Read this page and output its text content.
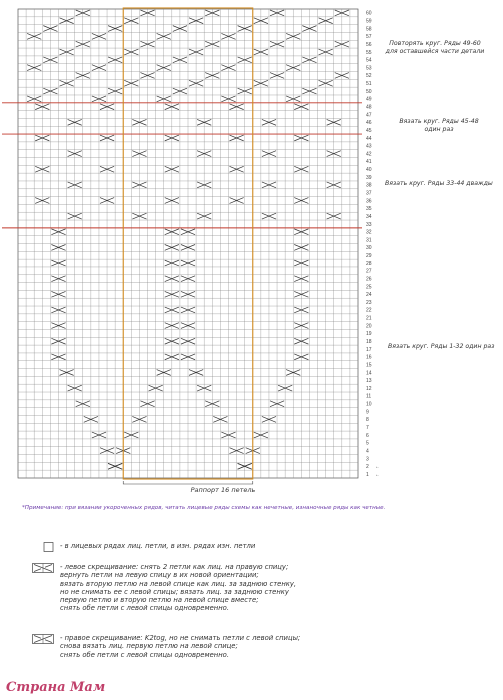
1
2
3
4
5
6
7
8
9
10
11
12
13
14
15
16
17
18
19
20
21
22
23
24
25
26
27
28
29
30
31
32
33
34
35
36
37
38
39
40
41
42
43
44
45
46
47
48
49
50
51
52
53
54
55
56
57
58
59
60
←
←
Раппорт 16 петель
Повторять круг. Ряды 49-60
для оставшейся части детали
Вязать круг. Ряды 45-48
один раз
Вязать круг. Ряды 33-44 дважды
Вязать круг. Ряды 1-32 один раз
*Примечание: при вязании укороченных рядов, читать лицевые ряды схемы как нечетные, изнаночные ряды как четные.
- в лицевых рядах лиц. петли, в изн. рядах изн. петли
- левое скрещивание: снять 2 петли как лиц. на правую спицу;
вернуть петли на левую спицу в их новой ориентации;
вязать вторую петлю на левой спице как лиц. за заднюю стенку,
но не снимать ее с левой спицы; вязать лиц. за заднюю стенку
первую петлю и вторую петлю на левой спице вместе;
снять обе петли с левой спицы одновременно.
- правое скрещивание: K2tog, но не снимать петли с левой спицы;
снова вязать лиц. первую петлю на левой спице;
снять обе петли с левой спицы одновременно.
Страна Мам
